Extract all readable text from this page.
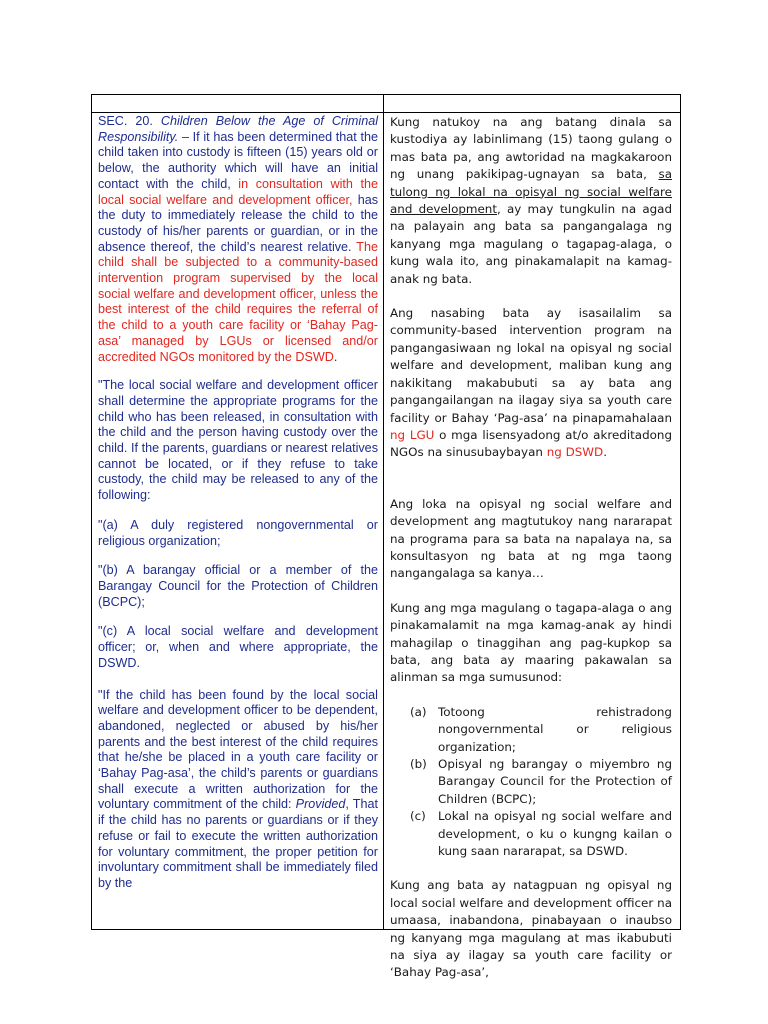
SEC. 20. Children Below the Age of Criminal Responsibility. – If it has been determined that the child taken into custody is fifteen (15) years old or below, the authority which will have an initial contact with the child, in consultation with the local social welfare and development officer, has the duty to immediately release the child to the custody of his/her parents or guardian, or in the absence thereof, the child’s nearest relative. The child shall be subjected to a community-based intervention program supervised by the local social welfare and development officer, unless the best interest of the child requires the referral of the child to a youth care facility or ‘Bahay Pag-asa’ managed by LGUs or licensed and/or accredited NGOs monitored by the DSWD.

"The local social welfare and development officer shall determine the appropriate programs for the child who has been released, in consultation with the child and the person having custody over the child. If the parents, guardians or nearest relatives cannot be located, or if they refuse to take custody, the child may be released to any of the following:

"(a) A duly registered nongovernmental or religious organization;

"(b) A barangay official or a member of the Barangay Council for the Protection of Children (BCPC);

"(c) A local social welfare and development officer; or, when and where appropriate, the DSWD.

"If the child has been found by the local social welfare and development officer to be dependent, abandoned, neglected or abused by his/her parents and the best interest of the child requires that he/she be placed in a youth care facility or ‘Bahay Pag-asa’, the child’s parents or guardians shall execute a written authorization for the voluntary commitment of the child: Provided, That if the child has no parents or guardians or if they refuse or fail to execute the written authorization for voluntary commitment, the proper petition for involuntary commitment shall be immediately filed by the

Kung natukoy na ang batang dinala sa kustodiya ay labinlimang (15) taong gulang o mas bata pa, ang awtoridad na magkakaroon ng unang pakikipag-ugnayan sa bata, sa tulong ng lokal na opisyal ng social welfare and development, ay may tungkulin na agad na palayain ang bata sa pangangalaga ng kanyang mga magulang o tagapag-alaga, o kung wala ito, ang pinakamalapit na kamag-anak ng bata.

Ang nasabing bata ay isasailalim sa community-based intervention program na pangangasiwaan ng lokal na opisyal ng social welfare and development, maliban kung ang nakikitang makabubuti sa ay bata ang pangangailangan na ilagay siya sa youth care facility or Bahay ‘Pag-asa’ na pinapamahalaan ng LGU o mga lisensyadong at/o akreditadong NGOs na sinusubaybayan ng DSWD.

Ang loka na opisyal ng social welfare and development ang magtutukoy nang nararapat na programa para sa bata na napalaya na, sa konsultasyon ng bata at ng mga taong nangangalaga sa kanya…

Kung ang mga magulang o tagapa-alaga o ang pinakamalamit na mga kamag-anak ay hindi mahagilap o tinaggihan ang pag-kupkop sa bata, ang bata ay maaring pakawalan sa alinman sa mga sumusunod:

(a) Totoong rehistradong nongovernmental or religious organization;
(b) Opisyal ng barangay o miyembro ng Barangay Council for the Protection of Children (BCPC);
(c)	Lokal na opisyal ng social welfare and development, o ku o kungng kailan o kung saan nararapat, sa DSWD.

Kung ang bata ay natagpuan ng opisyal ng local social welfare and development officer na umaasa, inabandona, pinabayaan o inaubso ng kanyang mga magulang at mas ikabubuti na siya ay ilagay sa youth care facility or ‘Bahay Pag-asa’,
